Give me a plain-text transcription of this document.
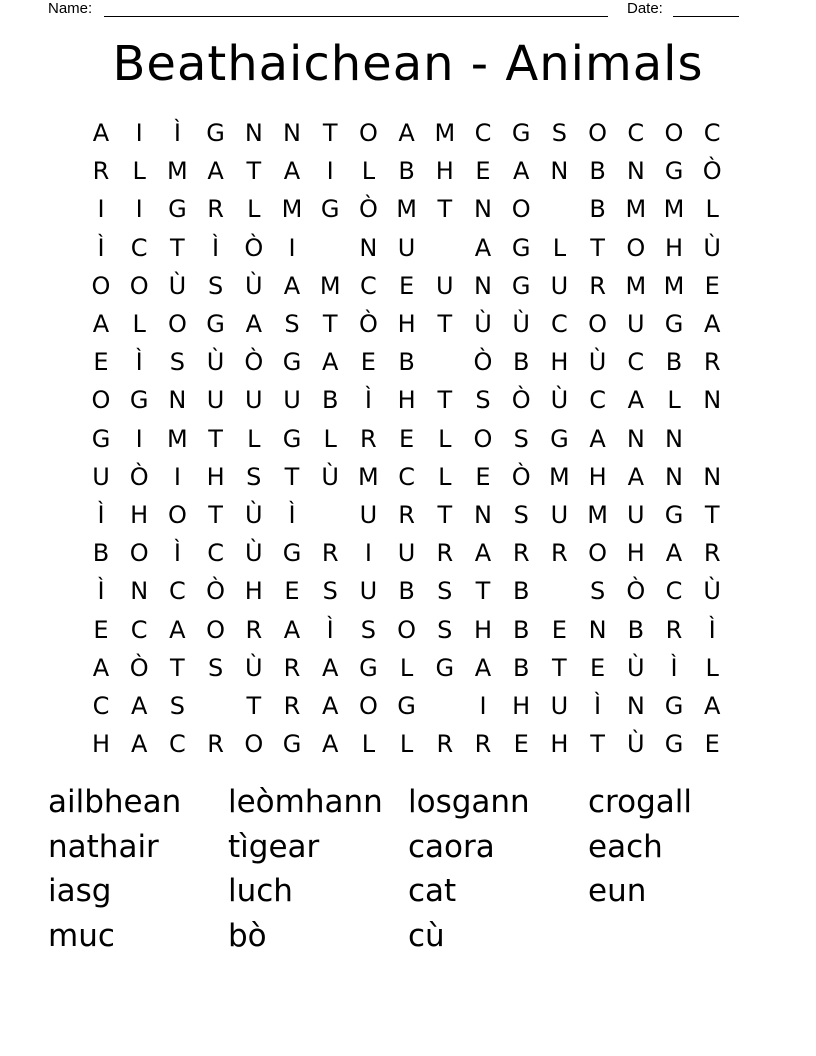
Name:	Date:
Beathaichean - Animals
A	I	Ì	G N N T O A M C G S O C O C
R L M A T A	I	L B H E A N B N G Ò
I	I	G R L M G Ò M T N O	B M M L
Ì	C T	Ì	Ò	I	N U	A G L	T O H Ù
O O Ù S Ù A M C E U N G U R M M E
A L O G A S T Ò H T Ù Ù C O U G A
E	Ì	S Ù Ò G A E B	Ò B H Ù C B R
O G N U U U B	Ì	H T S Ò Ù C A L N
G	I	M T	L G L R E L O S G A N N
U Ò	I	H S T Ù M C L E Ò M H A N N
Ì	H O T Ù	Ì	U R T N S U M U G T
B O	Ì	C Ù G R	I	U R A R R O H A R
Ì	N C Ò H E S U B S T B	S Ò C Ù
E C A O R A	Ì	S O S H B E N B R	Ì
A Ò T S Ù R A G L G A B T E Ù	Ì	L
C A S	T R A O G	I	H U	Ì	N G A
H A C R O G A L	L R R E H T Ù G E
ailbhean leòmhann losgann crogall
nathair tìgear	caora	each
iasg	luch	cat	eun
muc	bò	cù
